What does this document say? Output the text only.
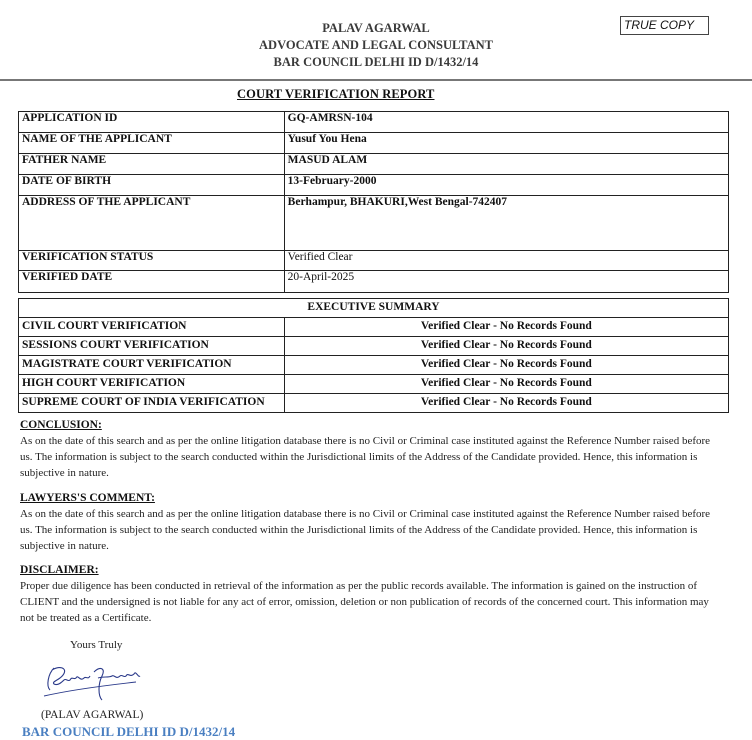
PALAV AGARWAL
ADVOCATE AND LEGAL CONSULTANT
BAR COUNCIL DELHI ID D/1432/14
TRUE COPY
COURT VERIFICATION REPORT
APPLICATION ID	GQ-AMRSN-104
NAME OF THE APPLICANT	Yusuf You Hena
FATHER NAME	MASUD ALAM
DATE OF BIRTH	13-February-2000
ADDRESS OF THE APPLICANT	Berhampur, BHAKURI,West Bengal-742407
VERIFICATION STATUS	Verified Clear
VERIFIED DATE	20-April-2025
EXECUTIVE SUMMARY	
CIVIL COURT VERIFICATION	Verified Clear - No Records Found
SESSIONS COURT VERIFICATION	Verified Clear - No Records Found
MAGISTRATE COURT VERIFICATION	Verified Clear - No Records Found
HIGH COURT VERIFICATION	Verified Clear - No Records Found
SUPREME COURT OF INDIA VERIFICATION	Verified Clear - No Records Found
CONCLUSION:
As on the date of this search and as per the online litigation database there is no Civil or Criminal case instituted against the Reference Number raised before us. The information is subject to the search conducted within the Jurisdictional limits of the Address of the Candidate provided. Hence, this information is subjective in nature.
LAWYERS'S COMMENT:
As on the date of this search and as per the online litigation database there is no Civil or Criminal case instituted against the Reference Number raised before us. The information is subject to the search conducted within the Jurisdictional limits of the Address of the Candidate provided. Hence, this information is subjective in nature.
DISCLAIMER:
Proper due diligence has been conducted in retrieval of the information as per the public records available. The information is gained on the instruction of CLIENT and the undersigned is not liable for any act of error, omission, deletion or non publication of records of the concerned court. This information may not be treated as a Certificate.
Yours Truly
(PALAV AGARWAL)
BAR COUNCIL DELHI ID D/1432/14
